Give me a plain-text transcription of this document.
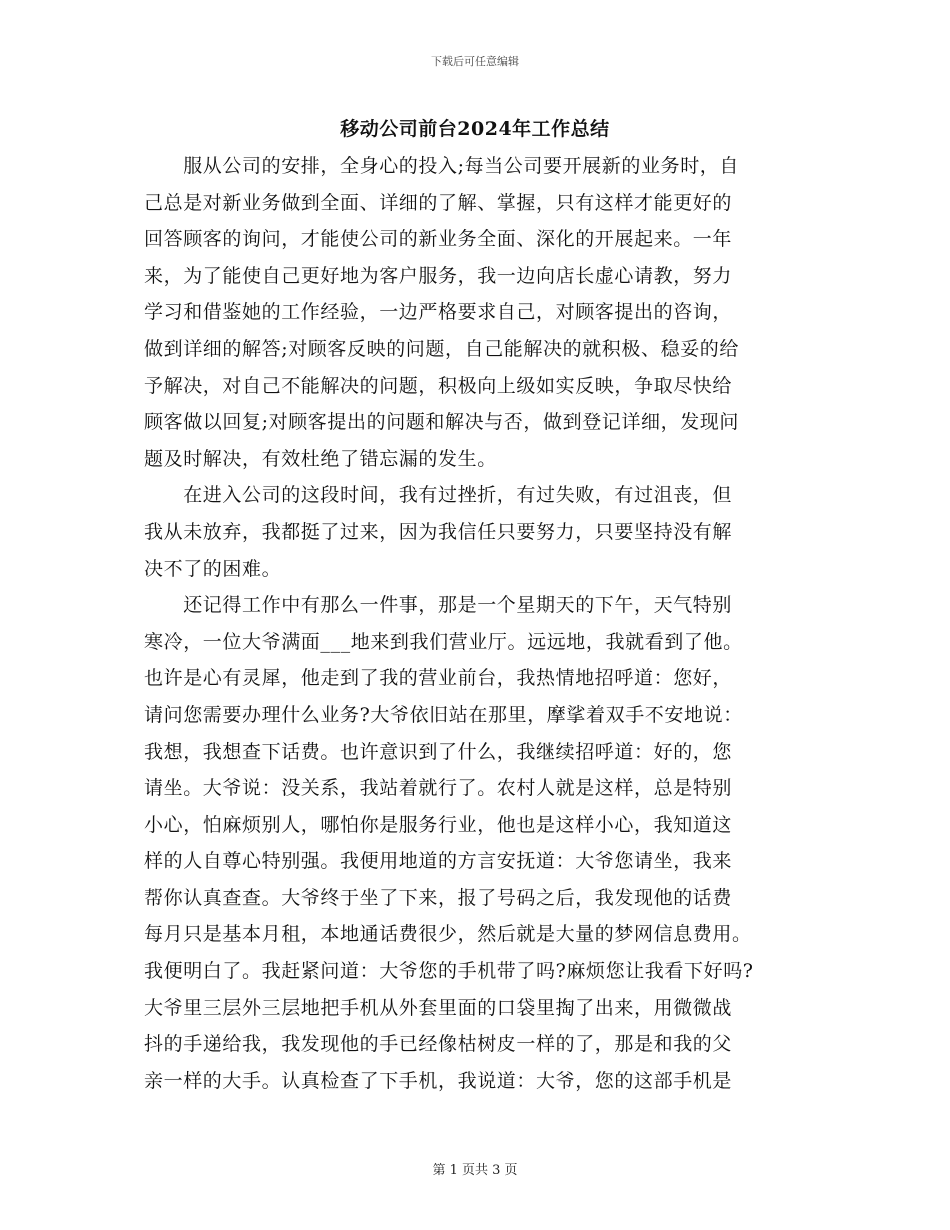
下载后可任意编辑
移动公司前台2024年工作总结
　　服从公司的安排，全身心的投入;每当公司要开展新的业务时，自
己总是对新业务做到全面、详细的了解、掌握，只有这样才能更好的
回答顾客的询问，才能使公司的新业务全面、深化的开展起来。一年
来，为了能使自己更好地为客户服务，我一边向店长虚心请教，努力
学习和借鉴她的工作经验，一边严格要求自己，对顾客提出的咨询，
做到详细的解答;对顾客反映的问题，自己能解决的就积极、稳妥的给
予解决，对自己不能解决的问题，积极向上级如实反映，争取尽快给
顾客做以回复;对顾客提出的问题和解决与否，做到登记详细，发现问
题及时解决，有效杜绝了错忘漏的发生。
　　在进入公司的这段时间，我有过挫折，有过失败，有过沮丧，但
我从未放弃，我都挺了过来，因为我信任只要努力，只要坚持没有解
决不了的困难。
　　还记得工作中有那么一件事，那是一个星期天的下午，天气特别
寒冷，一位大爷满面___地来到我们营业厅。远远地，我就看到了他。
也许是心有灵犀，他走到了我的营业前台，我热情地招呼道：您好，
请问您需要办理什么业务?大爷依旧站在那里，摩挲着双手不安地说：
我想，我想查下话费。也许意识到了什么，我继续招呼道：好的，您
请坐。大爷说：没关系，我站着就行了。农村人就是这样，总是特别
小心，怕麻烦别人，哪怕你是服务行业，他也是这样小心，我知道这
样的人自尊心特别强。我便用地道的方言安抚道：大爷您请坐，我来
帮你认真查查。大爷终于坐了下来，报了号码之后，我发现他的话费
每月只是基本月租，本地通话费很少，然后就是大量的梦网信息费用。
我便明白了。我赶紧问道：大爷您的手机带了吗?麻烦您让我看下好吗?
大爷里三层外三层地把手机从外套里面的口袋里掏了出来，用微微战
抖的手递给我，我发现他的手已经像枯树皮一样的了，那是和我的父
亲一样的大手。认真检查了下手机，我说道：大爷，您的这部手机是
第 1 页共 3 页
